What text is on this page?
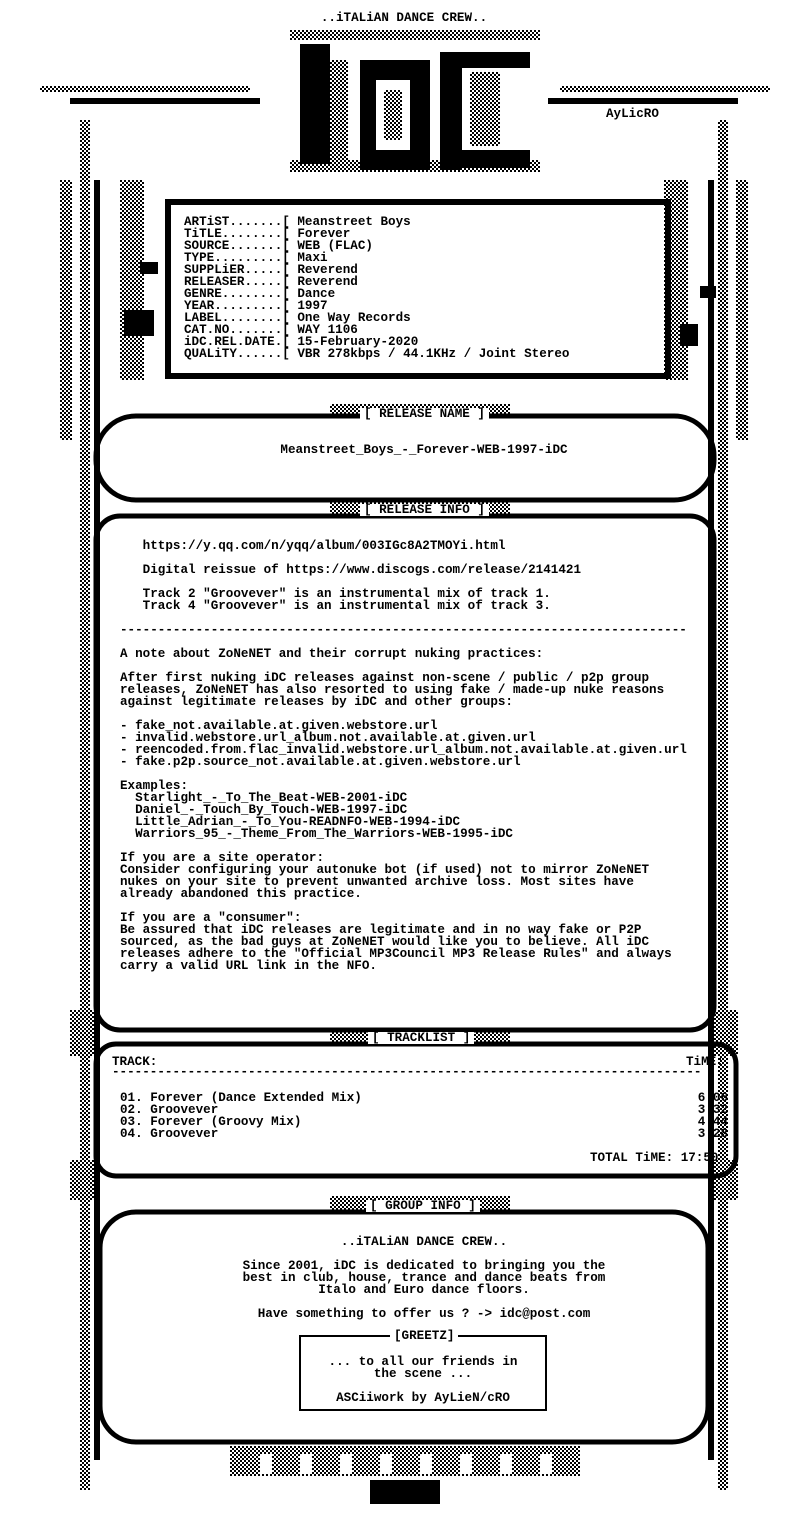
..iTALiAN DANCE CREW..
AyLicRO
ARTiST.......[ Meanstreet Boys
TiTLE........[ Forever
SOURCE.......[ WEB (FLAC)
TYPE.........[ Maxi
SUPPLiER.....[ Reverend
RELEASER.....[ Reverend
GENRE........[ Dance
YEAR.........[ 1997
LABEL........[ One Way Records
CAT.NO.......[ WAY 1106
iDC.REL.DATE.[ 15-February-2020
QUALiTY......[ VBR 278kbps / 44.1KHz / Joint Stereo
[ RELEASE NAME ]
Meanstreet_Boys_-_Forever-WEB-1997-iDC
[ RELEASE INFO ]
https://y.qq.com/n/yqq/album/003IGc8A2TMOYi.html
Digital reissue of https://www.discogs.com/release/2141421
Track 2 "Groovever" is an instrumental mix of track 1.
Track 4 "Groovever" is an instrumental mix of track 3.
---------------------------------------------------------------------------
A note about ZoNeNET and their corrupt nuking practices:
After first nuking iDC releases against non-scene / public / p2p group
releases, ZoNeNET has also resorted to using fake / made-up nuke reasons
against legitimate releases by iDC and other groups:
- fake_not.available.at.given.webstore.url
- invalid.webstore.url_album.not.available.at.given.url
- reencoded.from.flac_invalid.webstore.url_album.not.available.at.given.url
- fake.p2p.source_not.available.at.given.webstore.url
Examples:
Starlight_-_To_The_Beat-WEB-2001-iDC
Daniel_-_Touch_By_Touch-WEB-1997-iDC
Little_Adrian_-_To_You-READNFO-WEB-1994-iDC
Warriors_95_-_Theme_From_The_Warriors-WEB-1995-iDC
If you are a site operator:
Consider configuring your autonuke bot (if used) not to mirror ZoNeNET
nukes on your site to prevent unwanted archive loss. Most sites have
already abandoned this practice.
If you are a "consumer":
Be assured that iDC releases are legitimate and in no way fake or P2P
sourced, as the bad guys at ZoNeNET would like you to believe. All iDC
releases adhere to the "Official MP3Council MP3 Release Rules" and always
carry a valid URL link in the NFO.
[ TRACKLIST ]
TRACK:	TiME:
------------------------------------------------------------------------------
01. Forever (Dance Extended Mix)	6:06
02. Groovever	3:32
03. Forever (Groovy Mix)	4:44
04. Groovever	3:28
TOTAL TiME: 17:50
[ GROUP INFO ]
..iTALiAN DANCE CREW..
Since 2001, iDC is dedicated to bringing you the
best in club, house, trance and dance beats from
Italo and Euro dance floors.
Have something to offer us ? -> idc@post.com
[GREETZ]
... to all our friends in
the scene ...
ASCiiwork by AyLieN/cRO
